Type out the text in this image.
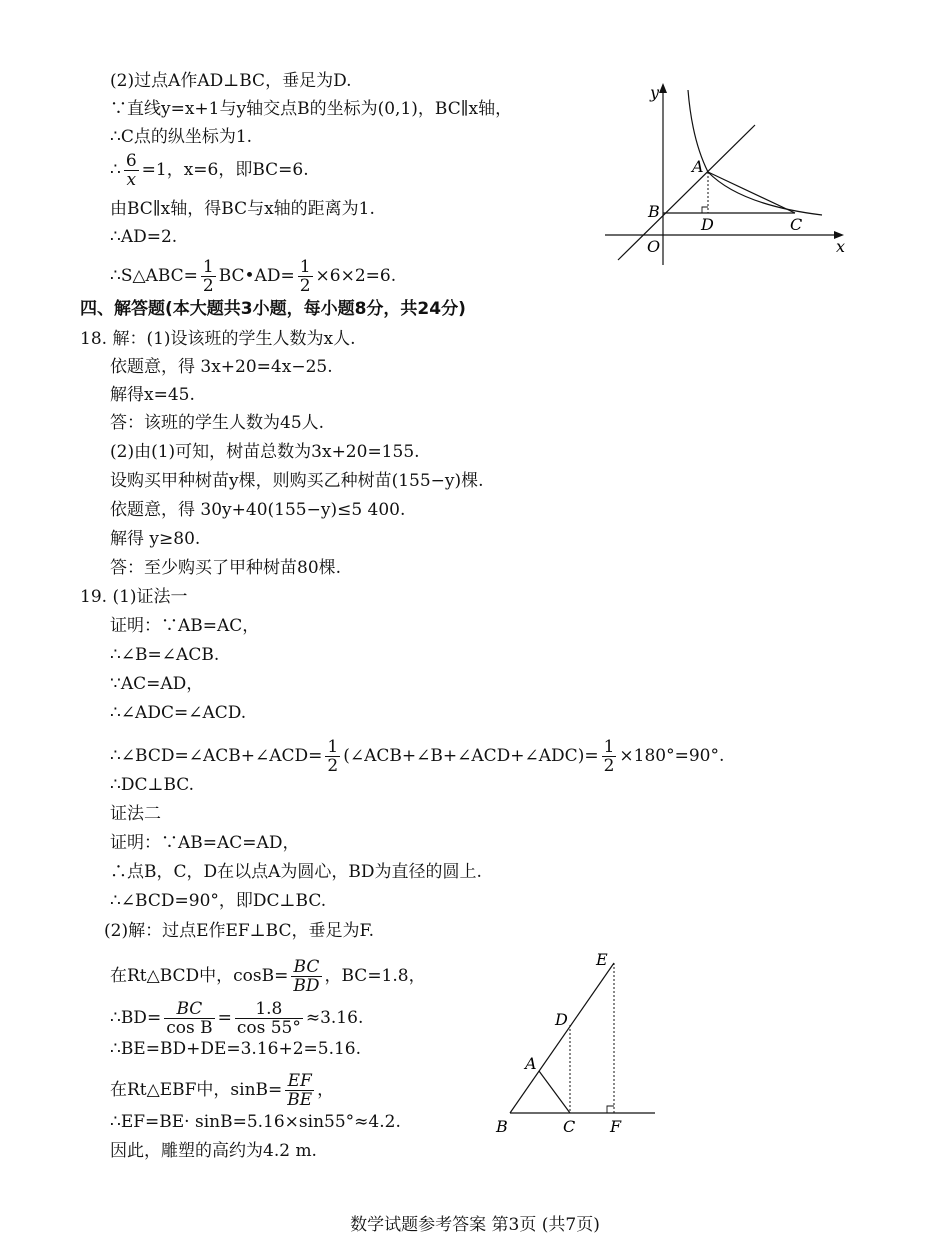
(2)过点A作AD⊥BC，垂足为D.
∵直线y=x+1与y轴交点B的坐标为(0,1)，BC∥x轴，
∴C点的纵坐标为1.
∴ $\frac{6}{x} =1$，x=6，即BC=6.
由BC∥x轴，得BC与x轴的距离为1.
∴AD=2.
∴S△ABC= $\frac{1}{2}$ BC•AD= $\frac{1}{2} \times 6\times 2=6$.
y
x
O
A
B
C
D
四、解答题(本大题共3小题，每小题8分，共24分)
18. 解：(1)设该班的学生人数为x人.
依题意，得 3x+20=4x−25.
解得x=45.
答：该班的学生人数为45人.
(2)由(1)可知，树苗总数为3x+20=155.
设购买甲种树苗y棵，则购买乙种树苗(155−y)棵.
依题意，得 30y+40(155−y)≤5 400.
解得 y≥80.
答：至少购买了甲种树苗80棵.
19. (1)证法一
证明：∵AB=AC，
∴∠B=∠ACB.
∵AC=AD，
∴∠ADC=∠ACD.
∴∠BCD=∠ACB+∠ACD= $\frac{1}{2}$ (∠ACB+∠B+∠ACD+∠ADC)= $\frac{1}{2} \times 180^\circ=90^\circ$.
∴DC⊥BC.
证法二
证明：∵AB=AC=AD，
∴点B，C，D在以点A为圆心，BD为直径的圆上.
∴∠BCD=90°，即DC⊥BC.
(2)解：过点E作EF⊥BC，垂足为F.
在Rt△BCD中，$\cos B= \frac{BC}{BD}$ ，BC=1.8，
∴BD= $\frac{BC}{\text{cos B}} = \frac{1.8}{\cos 55^\circ} \approx 3.16$.
∴BE=BD+DE=3.16+2=5.16.
在Rt△EBF中，$\sin B= \frac{EF}{BE}$ ，
∴EF=BE· sinB=5.16×sin55°≈4.2.
因此，雕塑的高约为4.2 m.
E
D
A
B	C F
数学试题参考答案 第3页 (共7页)
